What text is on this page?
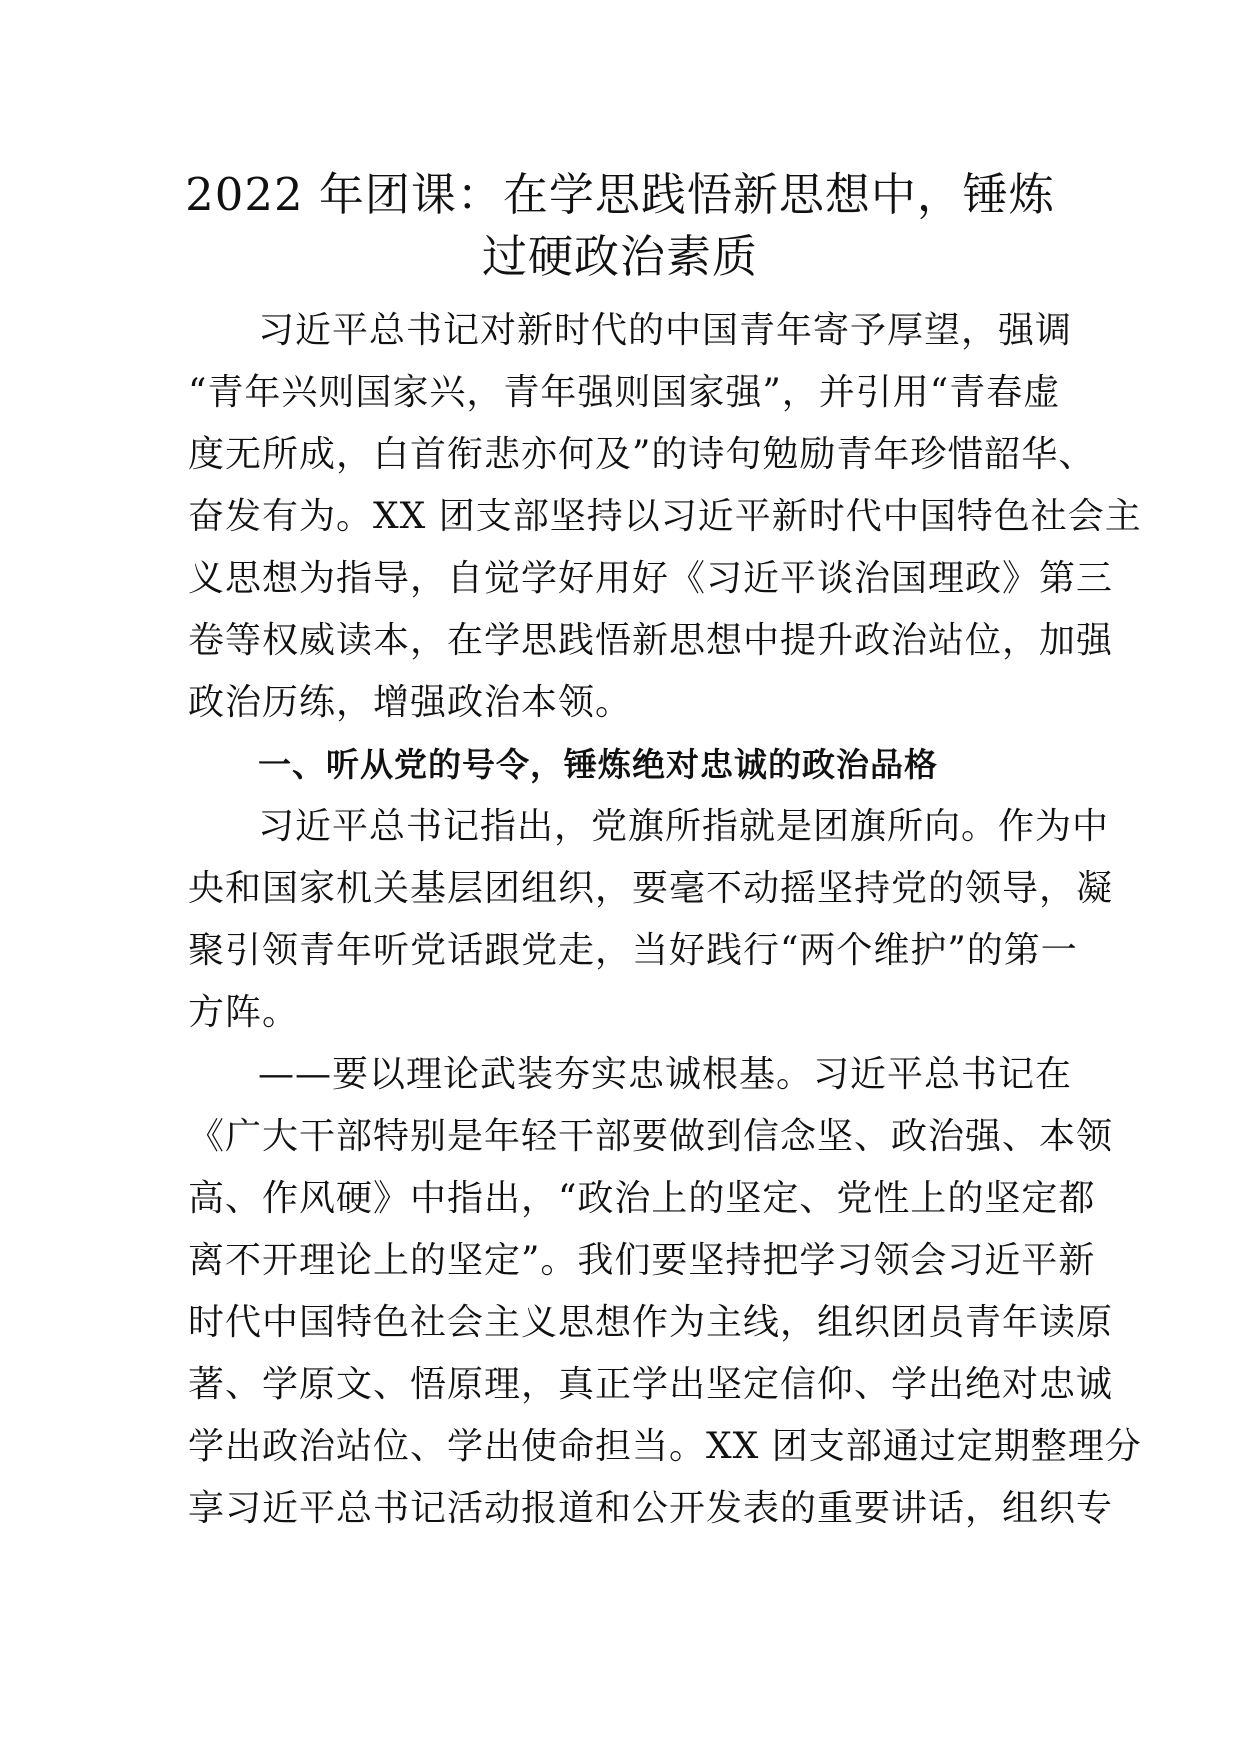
2022 年团课：在学思践悟新思想中，锤炼
过硬政治素质
习近平总书记对新时代的中国青年寄予厚望，强调
“青年兴则国家兴，青年强则国家强”，并引用“青春虚
度无所成，白首衔悲亦何及”的诗句勉励青年珍惜韶华、
奋发有为。XX 团支部坚持以习近平新时代中国特色社会主
义思想为指导，自觉学好用好《习近平谈治国理政》第三
卷等权威读本，在学思践悟新思想中提升政治站位，加强
政治历练，增强政治本领。
一、听从党的号令，锤炼绝对忠诚的政治品格
习近平总书记指出，党旗所指就是团旗所向。作为中
央和国家机关基层团组织，要毫不动摇坚持党的领导，凝
聚引领青年听党话跟党走，当好践行“两个维护”的第一
方阵。
——要以理论武装夯实忠诚根基。习近平总书记在
《广大干部特别是年轻干部要做到信念坚、政治强、本领
高、作风硬》中指出，“政治上的坚定、党性上的坚定都
离不开理论上的坚定”。我们要坚持把学习领会习近平新
时代中国特色社会主义思想作为主线，组织团员青年读原
著、学原文、悟原理，真正学出坚定信仰、学出绝对忠诚
学出政治站位、学出使命担当。XX 团支部通过定期整理分
享习近平总书记活动报道和公开发表的重要讲话，组织专
